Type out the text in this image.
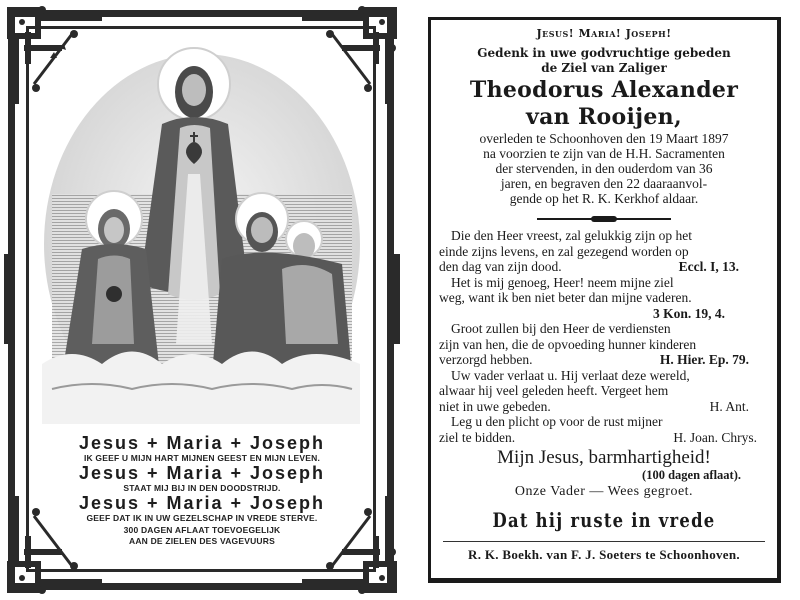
Jesus + Maria + Joseph
IK GEEF U MIJN HART MIJNEN GEEST EN MIJN LEVEN.
Jesus + Maria + Joseph
STAAT MIJ BIJ IN DEN DOODSTRIJD.
Jesus + Maria + Joseph
GEEF DAT IK IN UW GEZELSCHAP IN VREDE STERVE.
300 DAGEN AFLAAT TOEVOEGELIJK
AAN DE ZIELEN DES VAGEVUURS
Jesus! Maria! Joseph!
Gedenk in uwe godvruchtige gebeden
de Ziel van Zaliger
Theodorus Alexander
van Rooijen,
overleden te Schoonhoven den 19 Maart 1897
na voorzien te zijn van de H.H. Sacramenten
der stervenden, in den ouderdom van 36
jaren, en begraven den 22 daaraanvol-
gende op het R. K. Kerkhof aldaar.

Die den Heer vreest, zal gelukkig zijn op het

einde zijns levens, en zal gezegend worden op
den dag van zijn dood.	Eccl. I, 13.

Het is mij genoeg, Heer! neem mijne ziel

weg, want ik ben niet beter dan mijne vaderen.
3 Kon. 19, 4.

Groot zullen bij den Heer de verdiensten

zijn van hen, die de opvoeding hunner kinderen
verzorgd hebben.	H. Hier. Ep. 79.

Uw vader verlaat u. Hij verlaat deze wereld,

alwaar hij veel geleden heeft. Vergeet hem
niet in uwe gebeden.	H. Ant.

Leg u den plicht op voor de rust mijner

ziel te bidden.	H. Joan. Chrys.
Mijn Jesus, barmhartigheid!
(100 dagen aflaat).
Onze Vader — Wees gegroet.
Dat hij ruste in vrede
R. K. Boekh. van F. J. Soeters te Schoonhoven.
